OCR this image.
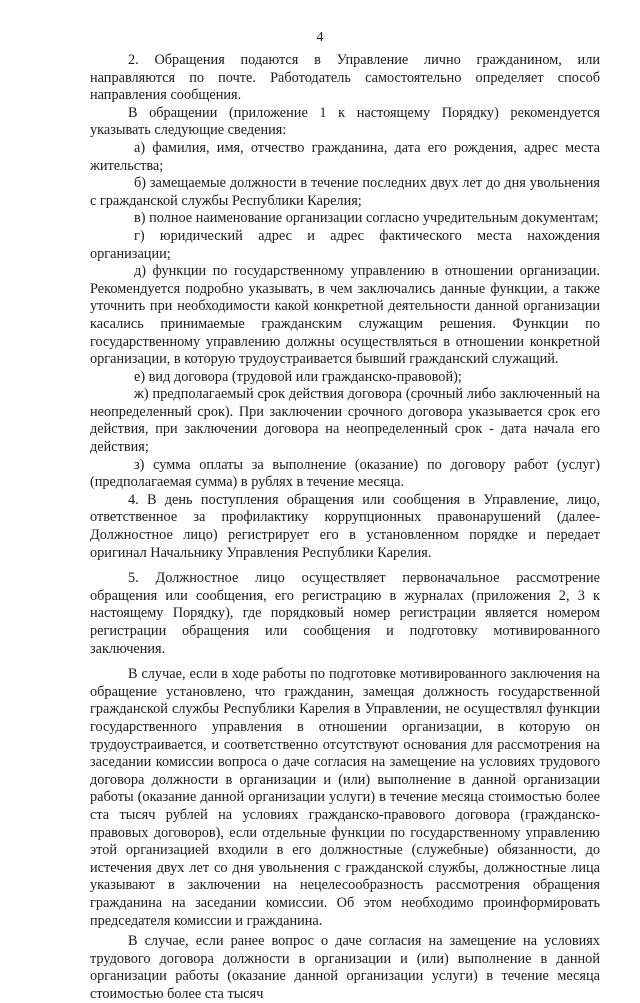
4

2. Обращения подаются в Управление лично гражданином, или направляются по почте. Работодатель самостоятельно определяет способ направления сообщения.

В обращении (приложение 1 к настоящему Порядку) рекомендуется указывать следующие сведения:

а) фамилия, имя, отчество гражданина, дата его рождения, адрес места жительства;

б) замещаемые должности в течение последних двух лет до дня увольнения с гражданской службы Республики Карелия;

в) полное наименование организации согласно учредительным документам;

г) юридический адрес и адрес фактического места нахождения организации;

д) функции по государственному управлению в отношении организации. Рекомендуется подробно указывать, в чем заключались данные функции, а также уточнить при необходимости какой конкретной деятельности данной организации касались принимаемые гражданским служащим решения. Функции по государственному управлению должны осуществляться в отношении конкретной организации, в которую трудоустраивается бывший гражданский служащий.

е) вид договора (трудовой или гражданско-правовой);

ж) предполагаемый срок действия договора (срочный либо заключенный на неопределенный срок). При заключении срочного договора указывается срок его действия, при заключении договора на неопределенный срок - дата начала его действия;

з) сумма оплаты за выполнение (оказание) по договору работ (услуг) (предполагаемая сумма) в рублях в течение месяца.

4. В день поступления обращения или сообщения в Управление, лицо, ответственное за профилактику коррупционных правонарушений (далее-Должностное лицо) регистрирует его в установленном порядке и передает оригинал Начальнику Управления Республики Карелия.

5. Должностное лицо осуществляет первоначальное рассмотрение обращения или сообщения, его регистрацию в журналах (приложения 2, 3 к настоящему Порядку), где порядковый номер регистрации является номером регистрации обращения или сообщения и подготовку мотивированного заключения.

В случае, если в ходе работы по подготовке мотивированного заключения на обращение установлено, что гражданин, замещая должность государственной гражданской службы Республики Карелия в Управлении, не осуществлял функции государственного управления в отношении организации, в которую он трудоустраивается, и соответственно отсутствуют основания для рассмотрения на заседании комиссии вопроса о даче согласия на замещение на условиях трудового договора должности в организации и (или) выполнение в данной организации работы (оказание данной организации услуги) в течение месяца стоимостью более ста тысяч рублей на условиях гражданско-правового договора (гражданско-правовых договоров), если отдельные функции по государственному управлению этой организацией входили в его должностные (служебные) обязанности, до истечения двух лет со дня увольнения с гражданской службы, должностные лица указывают в заключении на нецелесообразность рассмотрения обращения гражданина на заседании комиссии. Об этом необходимо проинформировать председателя комиссии и гражданина.

В случае, если ранее вопрос о даче согласия на замещение на условиях трудового договора должности в организации и (или) выполнение в данной организации работы (оказание данной организации услуги) в течение месяца стоимостью более ста тысяч
